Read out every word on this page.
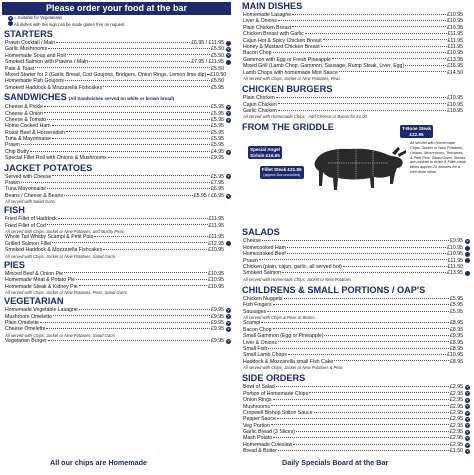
Please order your food at the bar
V = Suitable for Vegetarians
All dishes with this sign can be made gluten free on request
STARTERS
Prawn Cocktail / Main	£6.95 / £11.95
Garlic Mushrooms	£5.50	V
Homemade Soup and Roll	£5.50	V
Smoked Salmon with Prawns / Main	£7.95 / £11.95
Pate & Toast	£5.50
Mixed Starter for 2 (Garlic Bread, Cod Goujons, Bridgers, Onion Rings, Lemon lime dip) £10.50
Homemade Fish Goujons	£5.50
Smoked Haddock & Mozzarella Fishcakes	£5.95
SANDWICHES (All Sandwiches served on white or brown bread)
Cheese & Pickle	£5.95	V
Cheese & Onion	£5.95	V
Cheese & Tomato	£5.95	V
Home Cooked Ham	£5.95
Roast Beef & Horseradish	£5.95
Tuna & Mayonnaise	£5.95
Prawn	£5.95
Chip Butty	£4.95	V
Special Fillet Roll with Onions & Mushrooms	£9.95
JACKET POTATOES
Served with Cheese	£5.95	V
Prawn	£7.95
Tuna Mayonnaise	£6.95
Beans / Cheese & Beans	£5.95 / £6.95	V
All served with Salad Garni
FISH
Fried Fillet of Haddock	£11.95
Fried Fillet of Cod	£11.95
All served with Chips, Jacket or New Potatoes, and Mushy Peas.
Whole Tail Whitby Scampi & Petit Pois	£11.95
Grilled Salmon Fillet	£12.95
Smoked Haddock & Mozzarella Fishcakes	£10.95
All served with Chips, Jacket or New Potatoes, Salad Garni
PIES
Minced Beef & Onion Pie	£10.95
Homemade Meat & Potato Pie	£10.95
Homemade Steak & Kidney Pie	£10.95
All served with Chips, Jacket or New Potatoes, Peas, Salad Garni
VEGETARIAN
Homemade Vegetable Lasagne	£9.95	V
Mushroom Omelette	£9.95	V
Plain Omelette	£9.95	V
Cheese Omelette	£9.95	V
All served with Chips, Jacket or New Potatoes, Salad Garni
Vegetarian Burger	£9.95	V
MAIN DISHES
Homemade Lasagne	£10.95
Liver & Onions	£10.95
Plain Chicken Breast	£10.95
Chicken Breast with Garlic	£11.95
Cajun Hot & Spicy Chicken Breast	£11.95
Honey & Mustard Chicken Breast	£11.95
Bacon Chop	£10.95
Gammon with Egg or Fresh Pineapple	£13.95
Mixed Grill (Lamb Chop, Gammon, Sausage, Rump Steak, Liver, Egg)	£16.95
Lamb Chops with homemade Mint Sauce	£14.50
All served with Chips, Jacket or New Potatoes, Peas
CHICKEN BURGERS
Plain Chicken	£10.95
Cajun Chicken	£10.95
Garlic Chicken	£10.95
All served with Homemade Chips - Add Cheese or Bacon for £1.00
FROM THE GRIDDLE
Special Angel
Sirloin £16.95
Fillet Steak £21.95
(approx 8oz uncooked)
T-Bone Steak
£22.95
All served with Homemade Chips, Jacket or New Potatoes, Onions, Mushrooms, Tomatoes & Petit Pois, Salad Garni. Steaks are cooked to order & Fillet steak takes approx 20 minutes for a well done steak
SALADS
Cheese	£9.95	V
Homecooked Ham	£10.95
Homecooked Beef	£10.95
Prawn	£11.95
Chicken (plain, cajun, garlic, all served hot)	£11.50
Smoked Salmon	£13.95
All served with Homemade Chips, Jacket or New Potatoes
CHILDRENS & SMALL PORTIONS / OAP'S
Chicken Nuggets	£5.95
Fish Fingers	£5.95
Sausages	£5.95
All served with Chips & Peas or Beans.
Scampi	£8.95
Bacon Chop	£8.95
Small Gammon (Egg or Pineapple)	£9.95
Liver & Onions	£8.95
Small Fish	£8.95
Small Lamb Chops	£10.95
Haddock & Mozzarella small Fish Cake	£8.95
All served with Chips, Jacket or New Potatoes & Peas
SIDE ORDERS
Bowl of Salad	£2.95	V
Portion of Homemade Chips	£2.95	V
Onion Rings	£2.95	V
Mushrooms	£2.95	V
Cropwell Bishop Stilton Sauce	£2.95	V
Pepper Sauce	£2.95	V
Veg Portion	£2.95	V
Garlic Bread (3 Slices)	£2.95	V
Mash Potato	£2.95	V
Homemade Coleslaw	£2.95	V
Bread & Butter	£1.50	V
All our chips are Homemade	Daily Specials Board at the Bar
